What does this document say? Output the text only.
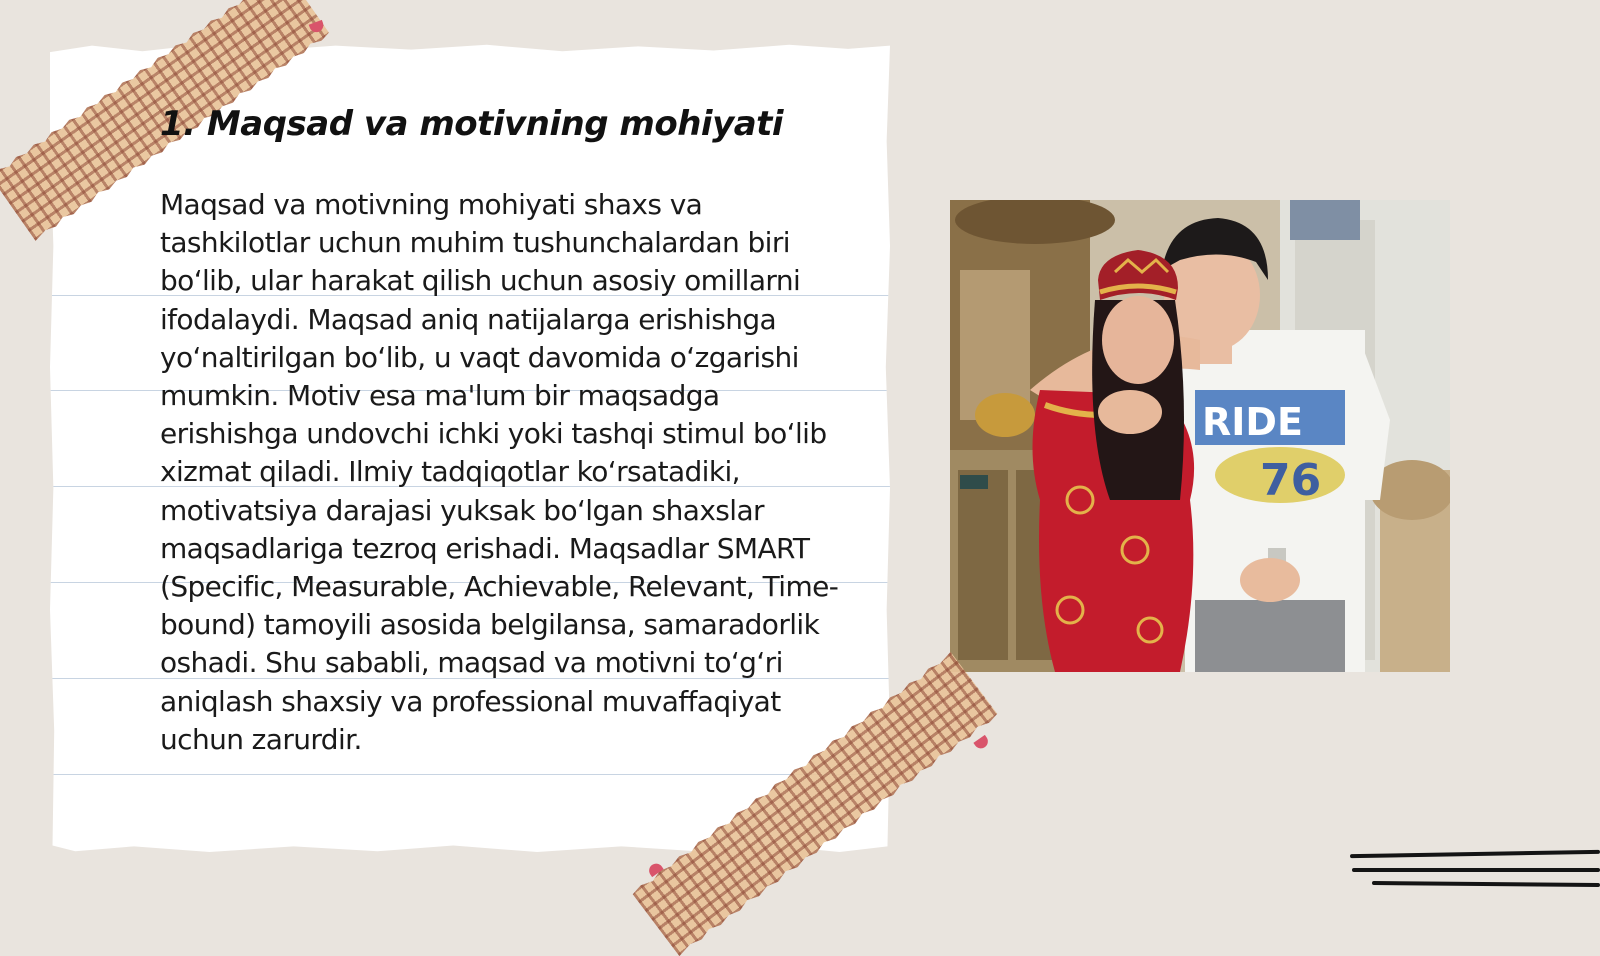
1. Maqsad va motivning mohiyati

Maqsad va motivning mohiyati shaxs va tashkilotlar uchun muhim tushunchalardan biri bo‘lib, ular harakat qilish uchun asosiy omillarni ifodalaydi. Maqsad aniq natijalarga erishishga yo‘naltirilgan bo‘lib, u vaqt davomida o‘zgarishi mumkin. Motiv esa ma'lum bir maqsadga erishishga undovchi ichki yoki tashqi stimul bo‘lib xizmat qiladi. Ilmiy tadqiqotlar ko‘rsatadiki, motivatsiya darajasi yuksak bo‘lgan shaxslar maqsadlariga tezroq erishadi. Maqsadlar SMART (Specific, Measurable, Achievable, Relevant, Time-bound) tamoyili asosida belgilansa, samaradorlik oshadi. Shu sababli, maqsad va motivni to‘g‘ri aniqlash shaxsiy va professional muvaffaqiyat uchun zarurdir.

RIDE
76
